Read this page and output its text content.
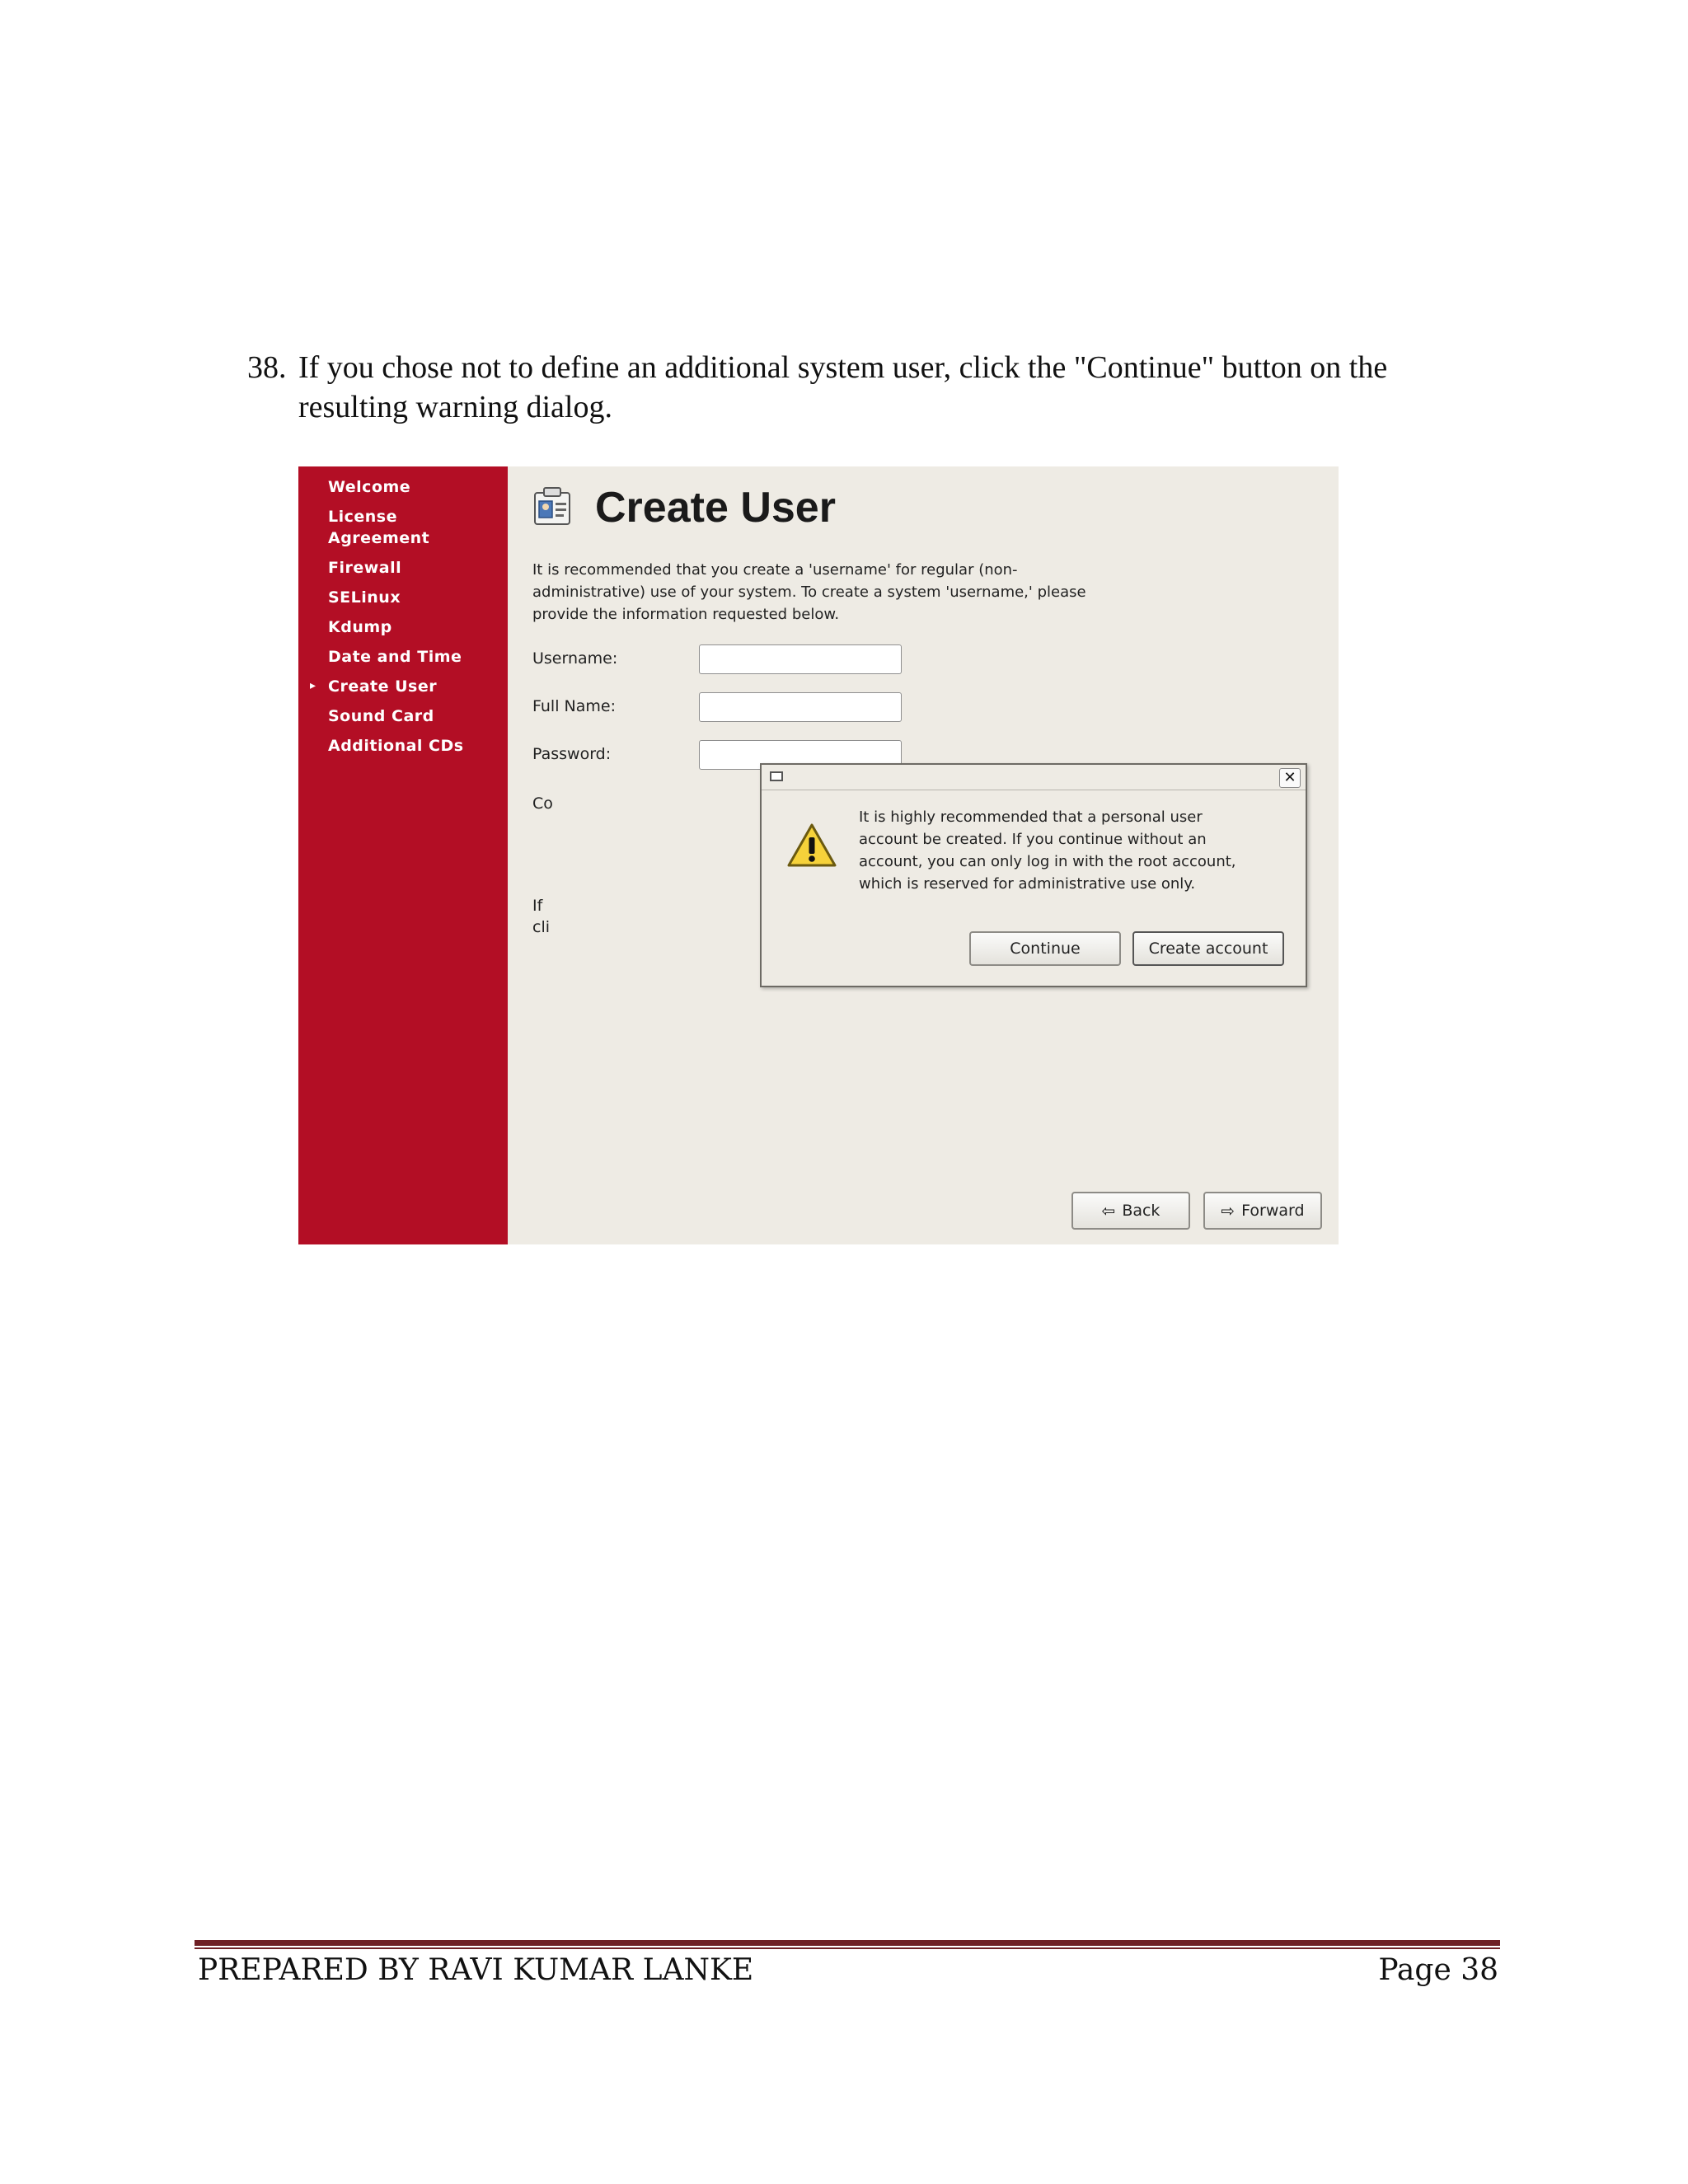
38. If you chose not to define an additional system user, click the "Continue" button on the
resulting warning dialog.
Welcome
License
Agreement
Firewall
SELinux
Kdump
Date and Time
▸ Create User
Sound Card
Additional CDs
Create User
It is recommended that you create a 'username' for regular (non-
administrative) use of your system. To create a system 'username,' please
provide the information requested below.
Username:
Full Name:
Password:
Co
If
cli
⇦ Back	⇨ Forward
✕
It is highly recommended that a personal user
account be created. If you continue without an
account, you can only log in with the root account,
which is reserved for administrative use only.
Continue	Create account
PREPARED BY RAVI KUMAR LANKE	Page 38
